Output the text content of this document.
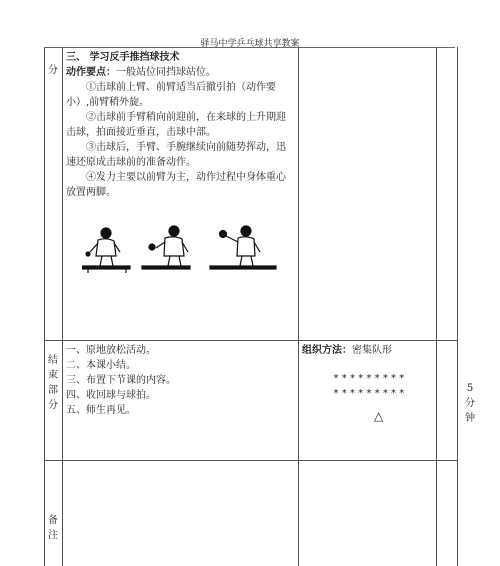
驿马中学乒乓球共享教案
分
三、 学习反手推挡球技术
动作要点：一般站位同挡球站位。
①击球前上臂、前臂适当后撤引拍（动作要小）,前臂稍外旋。
②击球前手臂稍向前迎前，在来球的上升期迎击球，拍面接近垂直，击球中部。
③击球后，手臂、手腕继续向前随势挥动，迅速还原成击球前的准备动作。
④发力主要以前臂为主，动作过程中身体重心放置两脚。
结
束
部
分
一、原地放松活动。
二、本课小结。
三、布置下节课的内容。
四、收回球与球拍。
五、师生再见。
组织方法：密集队形
*********
*********
△
5
分
钟
备
注
